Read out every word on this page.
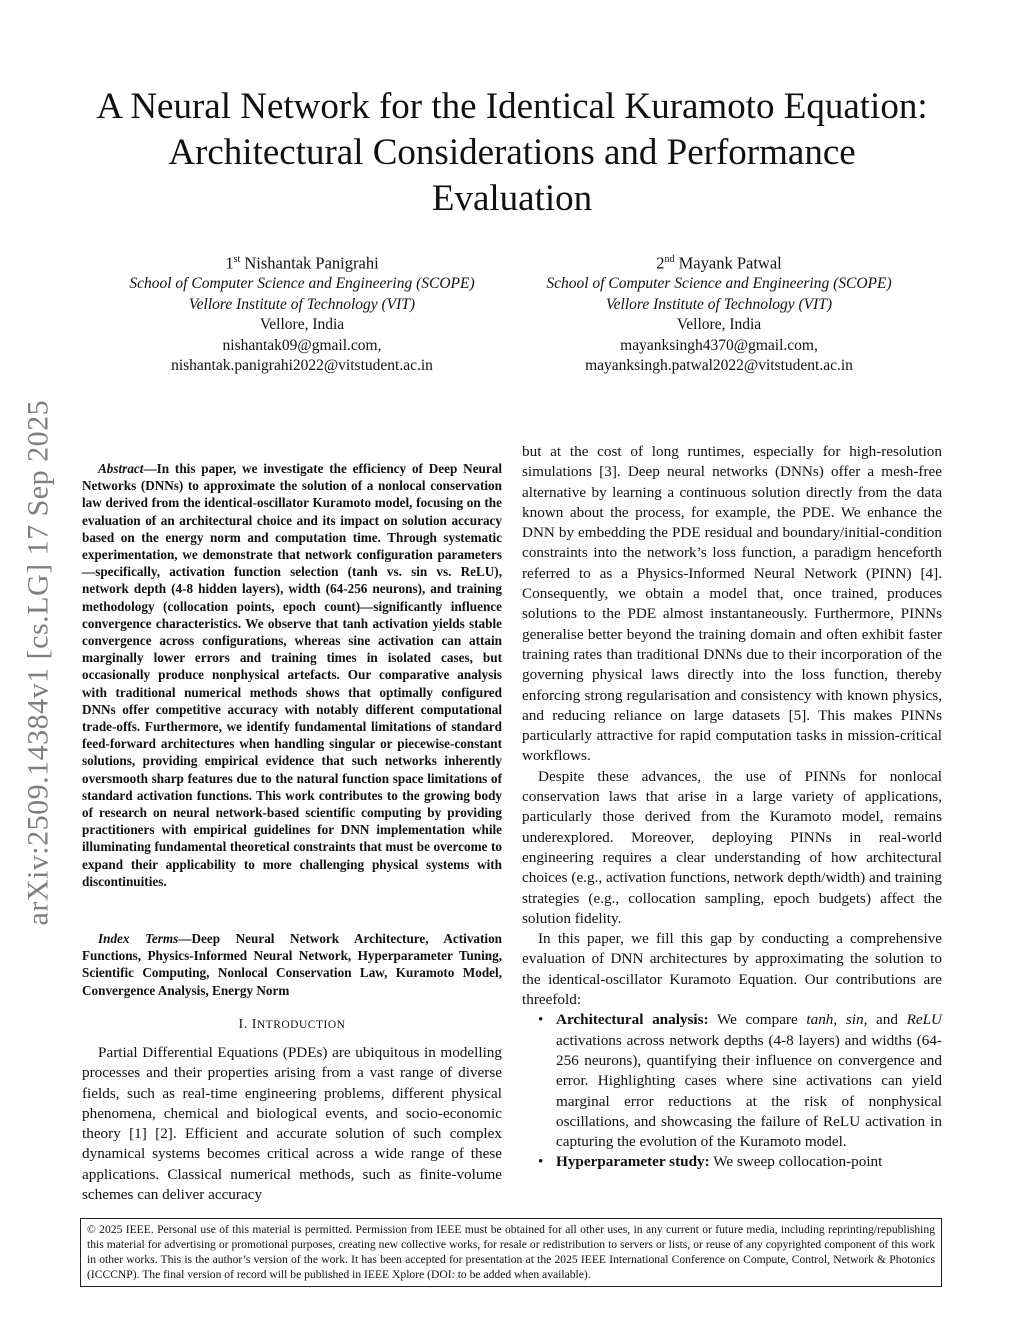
arXiv:2509.14384v1 [cs.LG] 17 Sep 2025
A Neural Network for the Identical Kuramoto Equation: Architectural Considerations and Performance Evaluation
1st Nishantak Panigrahi
School of Computer Science and Engineering (SCOPE)
Vellore Institute of Technology (VIT)
Vellore, India
nishantak09@gmail.com,
nishantak.panigrahi2022@vitstudent.ac.in
2nd Mayank Patwal
School of Computer Science and Engineering (SCOPE)
Vellore Institute of Technology (VIT)
Vellore, India
mayanksingh4370@gmail.com,
mayanksingh.patwal2022@vitstudent.ac.in
Abstract—In this paper, we investigate the efficiency of Deep Neural Networks (DNNs) to approximate the solution of a nonlocal conservation law derived from the identical-oscillator Kuramoto model, focusing on the evaluation of an architectural choice and its impact on solution accuracy based on the energy norm and computation time. Through systematic experimentation, we demonstrate that network configuration parameters—specifically, activation function selection (tanh vs. sin vs. ReLU), network depth (4-8 hidden layers), width (64-256 neurons), and training methodology (collocation points, epoch count)—significantly influence convergence characteristics. We observe that tanh activation yields stable convergence across configurations, whereas sine activation can attain marginally lower errors and training times in isolated cases, but occasionally produce nonphysical artefacts. Our comparative analysis with traditional numerical methods shows that optimally configured DNNs offer competitive accuracy with notably different computational trade-offs. Furthermore, we identify fundamental limitations of standard feed-forward architectures when handling singular or piecewise-constant solutions, providing empirical evidence that such networks inherently oversmooth sharp features due to the natural function space limitations of standard activation functions. This work contributes to the growing body of research on neural network-based scientific computing by providing practitioners with empirical guidelines for DNN implementation while illuminating fundamental theoretical constraints that must be overcome to expand their applicability to more challenging physical systems with discontinuities.
Index Terms—Deep Neural Network Architecture, Activation Functions, Physics-Informed Neural Network, Hyperparameter Tuning, Scientific Computing, Nonlocal Conservation Law, Kuramoto Model, Convergence Analysis, Energy Norm
I. INTRODUCTION
Partial Differential Equations (PDEs) are ubiquitous in modelling processes and their properties arising from a vast range of diverse fields, such as real-time engineering problems, different physical phenomena, chemical and biological events, and socio-economic theory [1] [2]. Efficient and accurate solution of such complex dynamical systems becomes critical across a wide range of these applications. Classical numerical methods, such as finite-volume schemes can deliver accuracy

but at the cost of long runtimes, especially for high-resolution simulations [3]. Deep neural networks (DNNs) offer a mesh-free alternative by learning a continuous solution directly from the data known about the process, for example, the PDE. We enhance the DNN by embedding the PDE residual and boundary/initial-condition constraints into the network’s loss function, a paradigm henceforth referred to as a Physics-Informed Neural Network (PINN) [4]. Consequently, we obtain a model that, once trained, produces solutions to the PDE almost instantaneously. Furthermore, PINNs generalise better beyond the training domain and often exhibit faster training rates than traditional DNNs due to their incorporation of the governing physical laws directly into the loss function, thereby enforcing strong regularisation and consistency with known physics, and reducing reliance on large datasets [5]. This makes PINNs particularly attractive for rapid computation tasks in mission-critical workflows.

Despite these advances, the use of PINNs for nonlocal conservation laws that arise in a large variety of applications, particularly those derived from the Kuramoto model, remains underexplored. Moreover, deploying PINNs in real-world engineering requires a clear understanding of how architectural choices (e.g., activation functions, network depth/width) and training strategies (e.g., collocation sampling, epoch budgets) affect the solution fidelity.

In this paper, we fill this gap by conducting a comprehensive evaluation of DNN architectures by approximating the solution to the identical-oscillator Kuramoto Equation. Our contributions are threefold:

• Architectural analysis: We compare tanh, sin, and ReLU activations across network depths (4-8 layers) and widths (64-256 neurons), quantifying their influence on convergence and error. Highlighting cases where sine activations can yield marginal error reductions at the risk of nonphysical oscillations, and showcasing the failure of ReLU activation in capturing the evolution of the Kuramoto model.
• Hyperparameter study: We sweep collocation-point
© 2025 IEEE. Personal use of this material is permitted. Permission from IEEE must be obtained for all other uses, in any current or future media, including reprinting/republishing this material for advertising or promotional purposes, creating new collective works, for resale or redistribution to servers or lists, or reuse of any copyrighted component of this work in other works. This is the author’s version of the work. It has been accepted for presentation at the 2025 IEEE International Conference on Compute, Control, Network & Photonics (ICCCNP). The final version of record will be published in IEEE Xplore (DOI: to be added when available).
